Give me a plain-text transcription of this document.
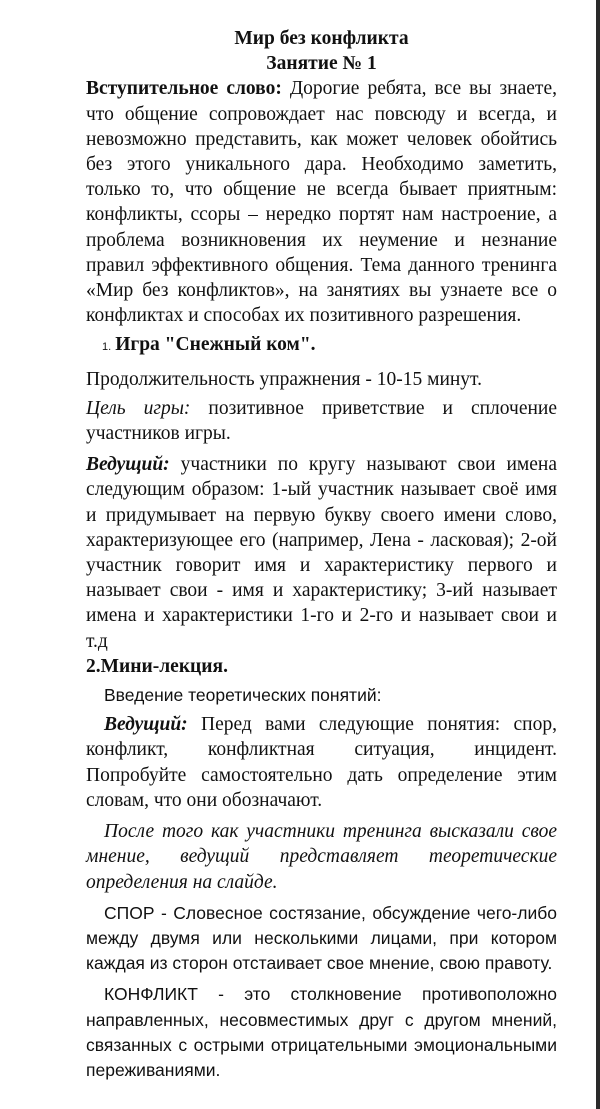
Мир без конфликта
Занятие № 1

Вступительное слово: Дорогие ребята, все вы знаете, что общение сопровождает нас повсюду и всегда, и невозможно представить, как может человек обойтись без этого уникального дара. Необходимо заметить, только то, что общение не всегда бывает приятным: конфликты, ссоры – нередко портят нам настроение, а проблема возникновения их неумение и незнание правил эффективного общения. Тема данного тренинга «Мир без конфликтов», на занятиях вы узнаете все о конфликтах и способах их позитивного разрешения.

1. Игра "Снежный ком".

Продолжительность упражнения - 10-15 минут.

Цель игры: позитивное приветствие и сплочение участников игры.

Ведущий: участники по кругу называют свои имена следующим образом: 1-ый участник называет своё имя и придумывает на первую букву своего имени слово, характеризующее его (например, Лена - ласковая); 2-ой участник говорит имя и характеристику первого и называет свои - имя и характеристику; 3-ий называет имена и характеристики 1-го и 2-го и называет свои и т.д

2.Мини-лекция.

Введение теоретических понятий:

Ведущий: Перед вами следующие понятия: спор, конфликт, конфликтная ситуация, инцидент. Попробуйте самостоятельно дать определение этим словам, что они обозначают.

После того как участники тренинга высказали свое мнение, ведущий представляет теоретические определения на слайде.

СПОР - Словесное состязание, обсуждение чего-либо между двумя или несколькими лицами, при котором каждая из сторон отстаивает свое мнение, свою правоту.

КОНФЛИКТ - это столкновение противоположно направленных, несовместимых друг с другом мнений, связанных с острыми отрицательными эмоциональными переживаниями.
